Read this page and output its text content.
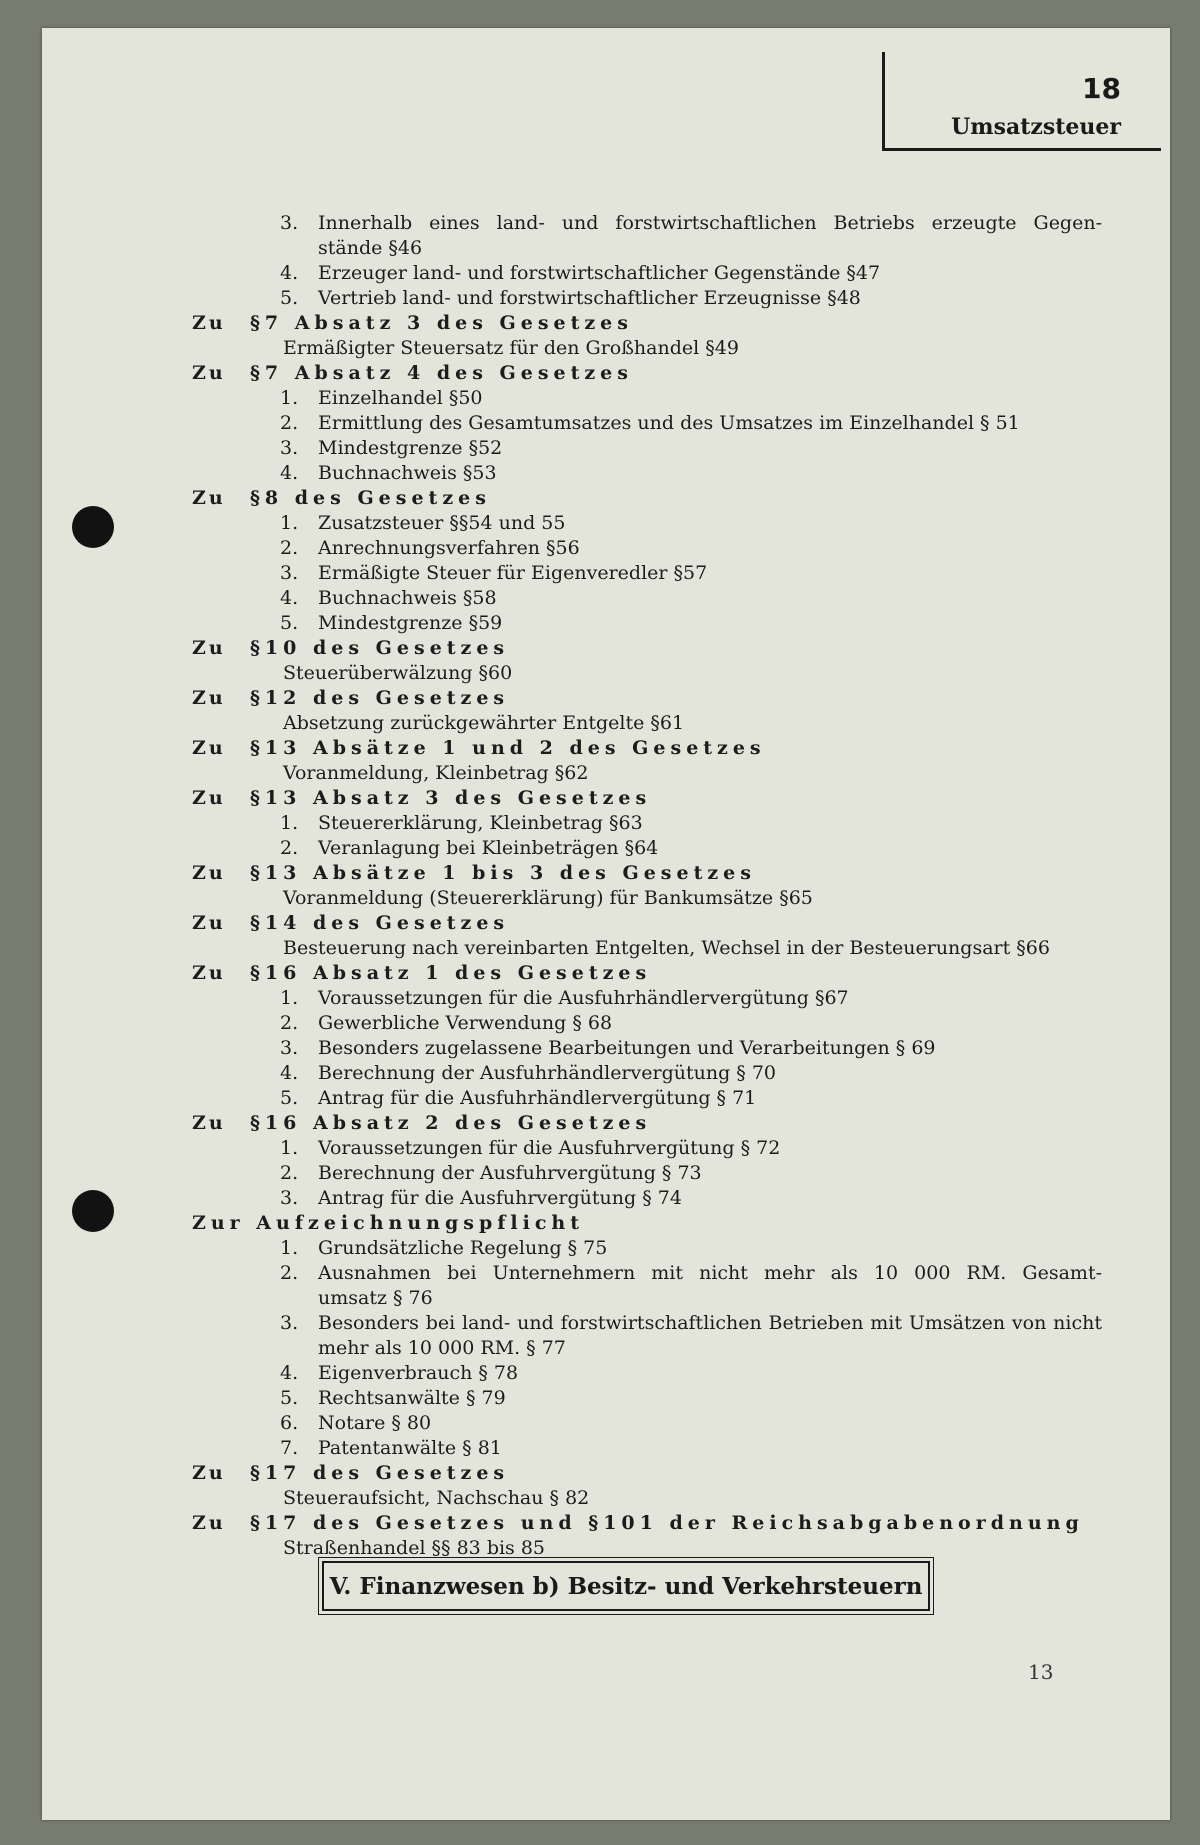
18
Umsatzsteuer
3.	Innerhalb eines land- und forstwirtschaftlichen Betriebs erzeugte Gegen-
stände §46
4.	Erzeuger land- und forstwirtschaftlicher Gegenstände §47
5.	Vertrieb land- und forstwirtschaftlicher Erzeugnisse §48
Zu	§7 Absatz 3 des Gesetzes
Ermäßigter Steuersatz für den Großhandel §49
Zu	§7 Absatz 4 des Gesetzes
1.	Einzelhandel §50
2.	Ermittlung des Gesamtumsatzes und des Umsatzes im Einzelhandel § 51
3.	Mindestgrenze §52
4.	Buchnachweis §53
Zu	§8 des Gesetzes
1.	Zusatzsteuer §§54 und 55
2.	Anrechnungsverfahren §56
3.	Ermäßigte Steuer für Eigenveredler §57
4.	Buchnachweis §58
5.	Mindestgrenze §59
Zu	§10 des Gesetzes
Steuerüberwälzung §60
Zu	§12 des Gesetzes
Absetzung zurückgewährter Entgelte §61
Zu	§13 Absätze 1 und 2 des Gesetzes
Voranmeldung, Kleinbetrag §62
Zu	§13 Absatz 3 des Gesetzes
1.	Steuererklärung, Kleinbetrag §63
2.	Veranlagung bei Kleinbeträgen §64
Zu	§13 Absätze 1 bis 3 des Gesetzes
Voranmeldung (Steuererklärung) für Bankumsätze §65
Zu	§14 des Gesetzes
Besteuerung nach vereinbarten Entgelten, Wechsel in der Besteuerungsart §66
Zu	§16 Absatz 1 des Gesetzes
1.	Voraussetzungen für die Ausfuhrhändlervergütung §67
2.	Gewerbliche Verwendung § 68
3.	Besonders zugelassene Bearbeitungen und Verarbeitungen § 69
4.	Berechnung der Ausfuhrhändlervergütung § 70
5.	Antrag für die Ausfuhrhändlervergütung § 71
Zu	§16 Absatz 2 des Gesetzes
1.	Voraussetzungen für die Ausfuhrvergütung § 72
2.	Berechnung der Ausfuhrvergütung § 73
3.	Antrag für die Ausfuhrvergütung § 74
Zur Aufzeichnungspflicht
1.	Grundsätzliche Regelung § 75
2.	Ausnahmen bei Unternehmern mit nicht mehr als 10 000 RM. Gesamt-
umsatz § 76
3.	Besonders bei land- und forstwirtschaftlichen Betrieben mit Umsätzen von nicht
mehr als 10 000 RM. § 77
4.	Eigenverbrauch § 78
5.	Rechtsanwälte § 79
6.	Notare § 80
7.	Patentanwälte § 81
Zu	§17 des Gesetzes
Steueraufsicht, Nachschau § 82
Zu	§17 des Gesetzes und §101 der Reichsabgabenordnung
Straßenhandel §§ 83 bis 85
V. Finanzwesen b) Besitz- und Verkehrsteuern
13
